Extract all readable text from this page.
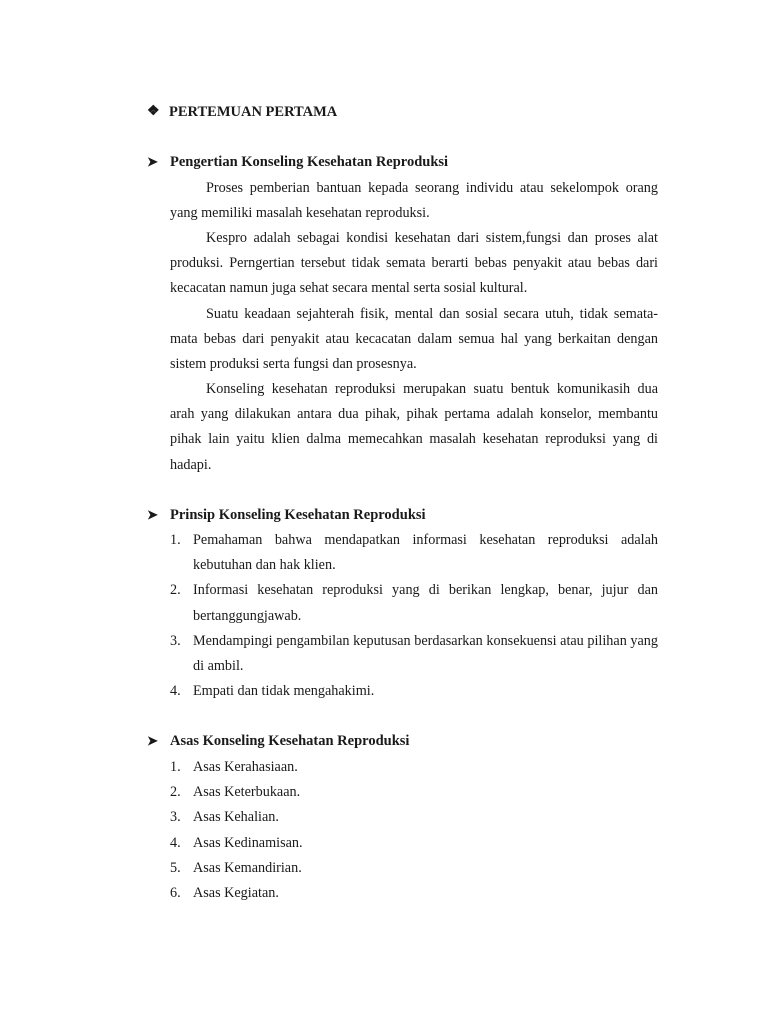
❖ PERTEMUAN PERTAMA
➤ Pengertian Konseling Kesehatan Reproduksi

Proses pemberian bantuan kepada seorang individu atau sekelompok orang yang memiliki masalah kesehatan reproduksi.

Kespro adalah sebagai kondisi kesehatan dari sistem,fungsi dan proses alat produksi. Perngertian tersebut tidak semata berarti bebas penyakit atau bebas dari kecacatan namun juga sehat secara mental serta sosial kultural.

Suatu keadaan sejahterah fisik, mental dan sosial secara utuh, tidak semata-mata bebas dari penyakit atau kecacatan dalam semua hal yang berkaitan dengan sistem produksi serta fungsi dan prosesnya.

Konseling kesehatan reproduksi merupakan suatu bentuk komunikasih dua arah yang dilakukan antara dua pihak, pihak pertama adalah konselor, membantu pihak lain yaitu klien dalma memecahkan masalah kesehatan reproduksi yang di hadapi.

➤ Prinsip Konseling Kesehatan Reproduksi
1. Pemahaman bahwa mendapatkan informasi kesehatan reproduksi adalah kebutuhan dan hak klien.
2. Informasi kesehatan reproduksi yang di berikan lengkap, benar, jujur dan bertanggungjawab.
3. Mendampingi pengambilan keputusan berdasarkan konsekuensi atau pilihan yang di ambil.
4. Empati dan tidak mengahakimi.
➤ Asas Konseling Kesehatan Reproduksi
1. Asas Kerahasiaan.
2. Asas Keterbukaan.
3. Asas Kehalian.
4. Asas Kedinamisan.
5. Asas Kemandirian.
6. Asas Kegiatan.
